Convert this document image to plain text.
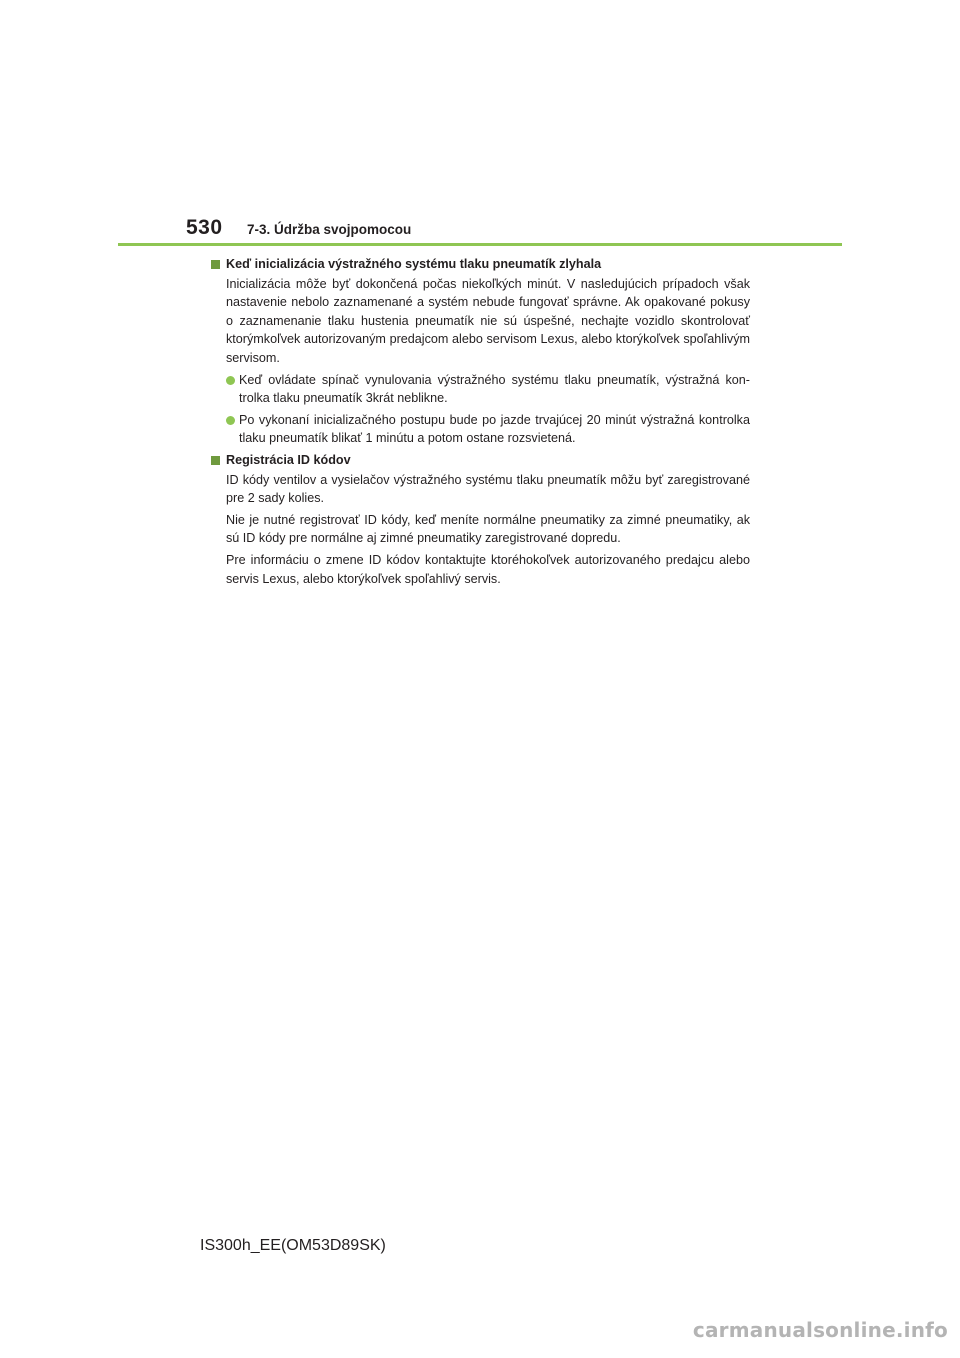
530 7-3. Údržba svojpomocou
Keď inicializácia výstražného systému tlaku pneumatík zlyhala

Inicializácia môže byť dokončená počas niekoľkých minút. V nasledujúcich prípadoch však nastavenie nebolo zaznamenané a systém nebude fungovať správne. Ak opakované pokusy o zaznamenanie tlaku hustenia pneumatík nie sú úspešné, nechajte vozidlo skontrolovať ktorýmkoľvek autorizovaným predajcom alebo servisom Lexus, alebo ktorýkoľvek spoľahlivým servisom.

Keď ovládate spínač vynulovania výstražného systému tlaku pneumatík, výstražná kontrolka tlaku pneumatík 3krát neblikne.
Po vykonaní inicializačného postupu bude po jazde trvajúcej 20 minút výstražná kontrolka tlaku pneumatík blikať 1 minútu a potom ostane rozsvietená.
Registrácia ID kódov

ID kódy ventilov a vysielačov výstražného systému tlaku pneumatík môžu byť zaregistrované pre 2 sady kolies.

Nie je nutné registrovať ID kódy, keď meníte normálne pneumatiky za zimné pneumatiky, ak sú ID kódy pre normálne aj zimné pneumatiky zaregistrované dopredu.

Pre informáciu o zmene ID kódov kontaktujte ktoréhokoľvek autorizovaného predajcu alebo servis Lexus, alebo ktorýkoľvek spoľahlivý servis.

IS300h_EE(OM53D89SK)
carmanualsonline.info
